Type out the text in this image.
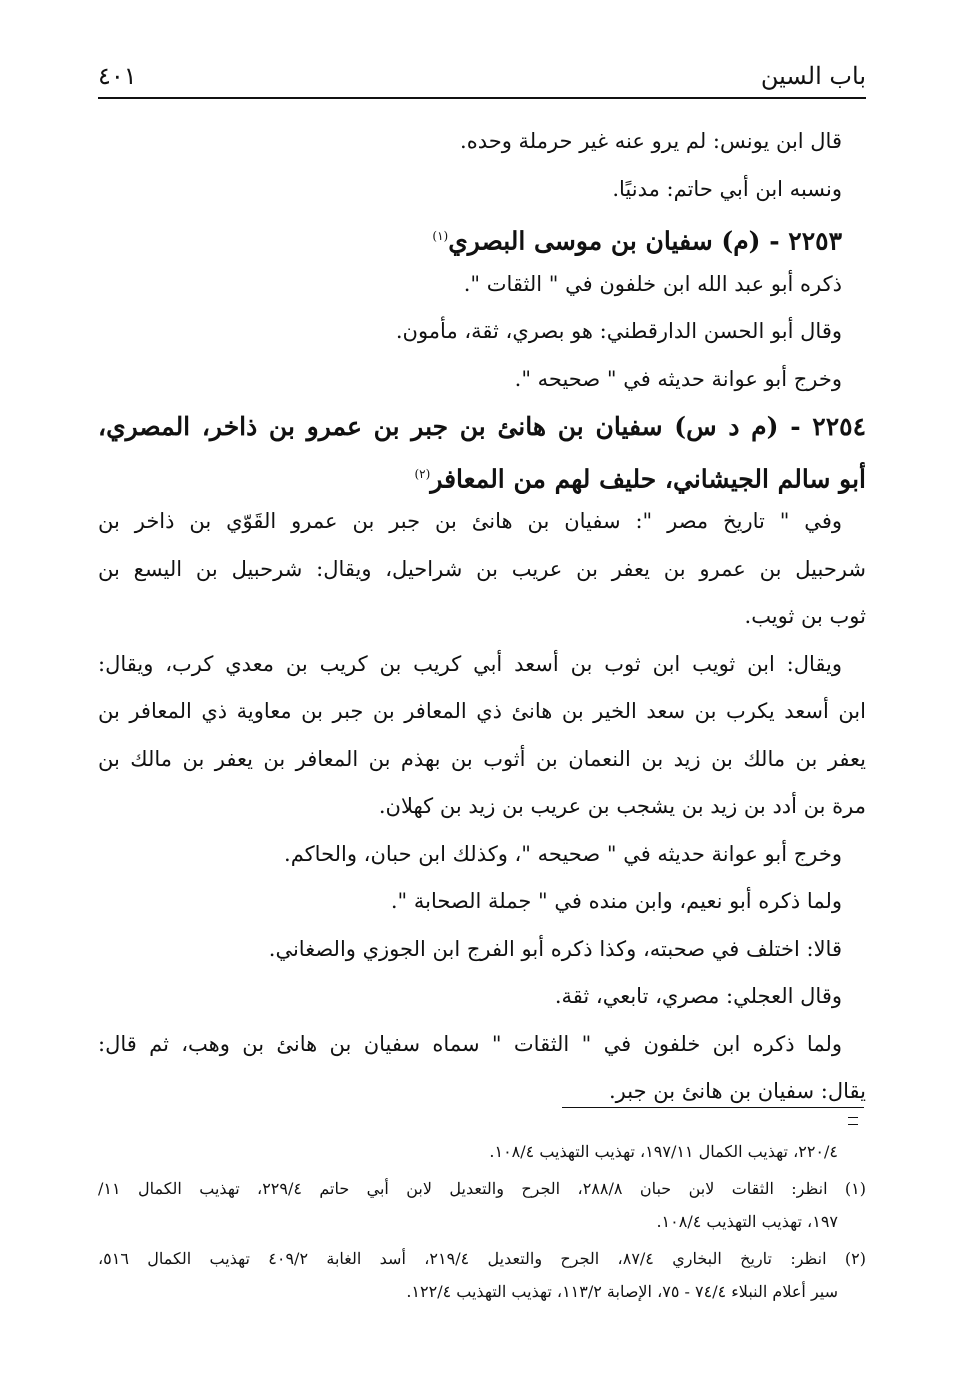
باب السين
٤٠١
قال ابن يونس: لم يرو عنه غير حرملة وحده.
ونسبه ابن أبي حاتم: مدنيًا.
٢٢٥٣ - (م) سفيان بن موسى البصري$^{(١)}$
ذكره أبو عبد الله ابن خلفون في " الثقات ".
وقال أبو الحسن الدارقطني: هو بصري، ثقة، مأمون.
وخرج أبو عوانة حديثه في " صحيحه ".
٢٢٥٤ - (م د س) سفيان بن هانئ بن جبر بن عمرو بن ذاخر، المصري،
أبو سالم الجيشاني، حليف لهم من المعافر$^{(٢)}$
وفي " تاريخ مصر ": سفيان بن هانئ بن جبر بن عمرو القَوّي بن ذاخر بن
شرحبيل بن عمرو بن يعفر بن عريب بن شراحيل، ويقال: شرحبيل بن اليسع بن
ثوب بن ثويب.
ويقال: ابن ثويب ابن ثوب بن أسعد أبي كريب بن كريب بن معدي كرب، ويقال:
ابن أسعد يكرب بن سعد الخير بن هانئ ذي المعافر بن جبر بن معاوية ذي المعافر بن
يعفر بن مالك بن زيد بن النعمان بن أثوب بن بهذم بن المعافر بن يعفر بن مالك بن
مرة بن أدد بن زيد بن يشجب بن عريب بن زيد بن كهلان.
وخرج أبو عوانة حديثه في " صحيحه "، وكذلك ابن حبان، والحاكم.
ولما ذكره أبو نعيم، وابن منده في " جملة الصحابة ".
قالا: اختلف في صحبته، وكذا ذكره أبو الفرج ابن الجوزي والصغاني.
وقال العجلي: مصري، تابعي، ثقة.
ولما ذكره ابن خلفون في " الثقات " سماه سفيان بن هانئ بن وهب، ثم قال:
يقال: سفيان بن هانئ بن جبر.
٢٢٠/٤، تهذيب الكمال ١٩٧/١١، تهذيب التهذيب ١٠٨/٤.
(١) انظر: الثقات لابن حبان ٢٨٨/٨، الجرح والتعديل لابن أبي حاتم ٢٢٩/٤، تهذيب الكمال ١١/
١٩٧، تهذيب التهذيب ١٠٨/٤.
(٢) انظر: تاريخ البخاري ٨٧/٤، الجرح والتعديل ٢١٩/٤، أسد الغابة ٤٠٩/٢ تهذيب الكمال ٥١٦،
سير أعلام النبلاء ٧٤/٤ - ٧٥، الإصابة ١١٣/٢، تهذيب التهذيب ١٢٢/٤.
